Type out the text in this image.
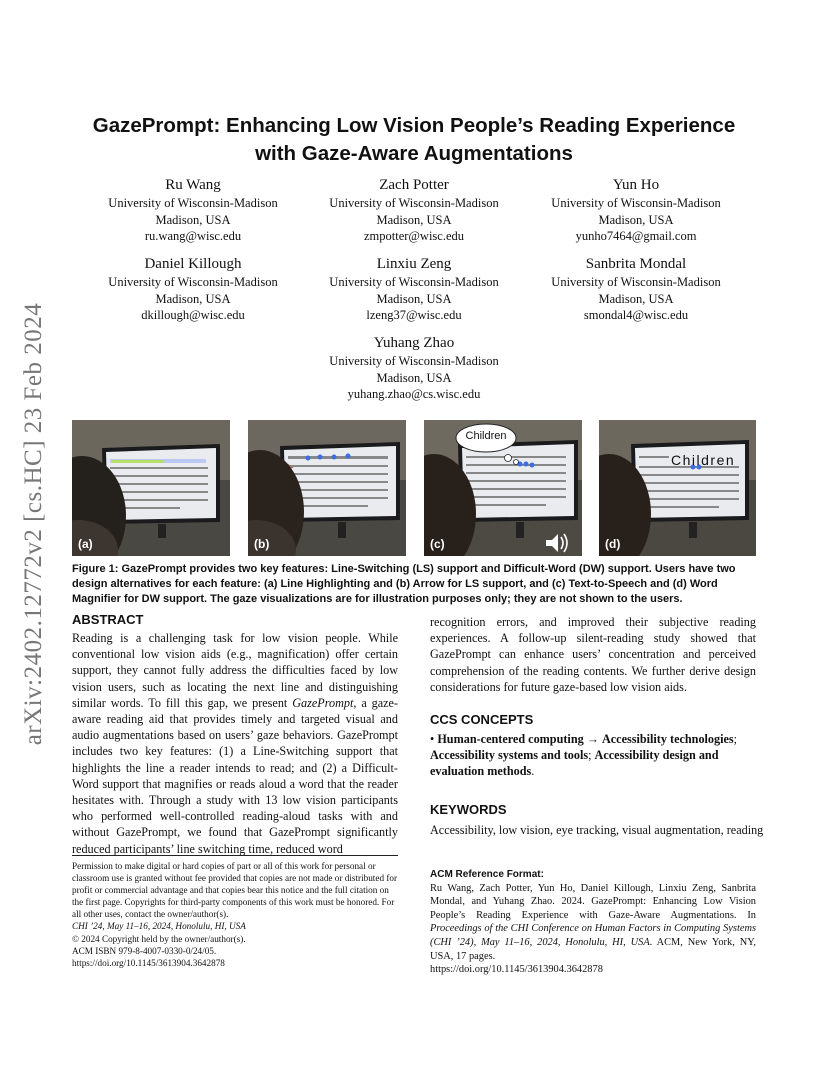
arXiv:2402.12772v2 [cs.HC] 23 Feb 2024
GazePrompt: Enhancing Low Vision People’s Reading Experience
with Gaze-Aware Augmentations
Ru Wang
University of Wisconsin-Madison
Madison, USA
ru.wang@wisc.edu
Zach Potter
University of Wisconsin-Madison
Madison, USA
zmpotter@wisc.edu
Yun Ho
University of Wisconsin-Madison
Madison, USA
yunho7464@gmail.com
Daniel Killough
University of Wisconsin-Madison
Madison, USA
dkillough@wisc.edu
Linxiu Zeng
University of Wisconsin-Madison
Madison, USA
lzeng37@wisc.edu
Sanbrita Mondal
University of Wisconsin-Madison
Madison, USA
smondal4@wisc.edu
Yuhang Zhao
University of Wisconsin-Madison
Madison, USA
yuhang.zhao@cs.wisc.edu
(a)	(b)
Children
(c)
Children
(d)
Figure 1: GazePrompt provides two key features: Line-Switching (LS) support and Difficult-Word (DW) support. Users have two design alternatives for each feature: (a) Line Highlighting and (b) Arrow for LS support, and (c) Text-to-Speech and (d) Word Magnifier for DW support. The gaze visualizations are for illustration purposes only; they are not shown to the users.
ABSTRACT
Reading is a challenging task for low vision people. While conventional low vision aids (e.g., magnification) offer certain support, they cannot fully address the difficulties faced by low vision users, such as locating the next line and distinguishing similar words. To fill this gap, we present GazePrompt, a gaze-aware reading aid that provides timely and targeted visual and audio augmentations based on users’ gaze behaviors. GazePrompt includes two key features: (1) a Line-Switching support that highlights the line a reader intends to read; and (2) a Difficult-Word support that magnifies or reads aloud a word that the reader hesitates with. Through a study with 13 low vision participants who performed well-controlled reading-aloud tasks with and without GazePrompt, we found that GazePrompt significantly reduced participants’ line switching time, reduced word
recognition errors, and improved their subjective reading experiences. A follow-up silent-reading study showed that GazePrompt can enhance users’ concentration and perceived comprehension of the reading contents. We further derive design considerations for future gaze-based low vision aids.
CCS CONCEPTS
• Human-centered computing → Accessibility technologies; Accessibility systems and tools; Accessibility design and evaluation methods.
KEYWORDS
Accessibility, low vision, eye tracking, visual augmentation, reading
Permission to make digital or hard copies of part or all of this work for personal or classroom use is granted without fee provided that copies are not made or distributed for profit or commercial advantage and that copies bear this notice and the full citation on the first page. Copyrights for third-party components of this work must be honored. For all other uses, contact the owner/author(s).
CHI ’24, May 11–16, 2024, Honolulu, HI, USA
© 2024 Copyright held by the owner/author(s).
ACM ISBN 979-8-4007-0330-0/24/05.
https://doi.org/10.1145/3613904.3642878
ACM Reference Format:
Ru Wang, Zach Potter, Yun Ho, Daniel Killough, Linxiu Zeng, Sanbrita Mondal, and Yuhang Zhao. 2024. GazePrompt: Enhancing Low Vision People’s Reading Experience with Gaze-Aware Augmentations. In Proceedings of the CHI Conference on Human Factors in Computing Systems (CHI ’24), May 11–16, 2024, Honolulu, HI, USA. ACM, New York, NY, USA, 17 pages.
https://doi.org/10.1145/3613904.3642878
